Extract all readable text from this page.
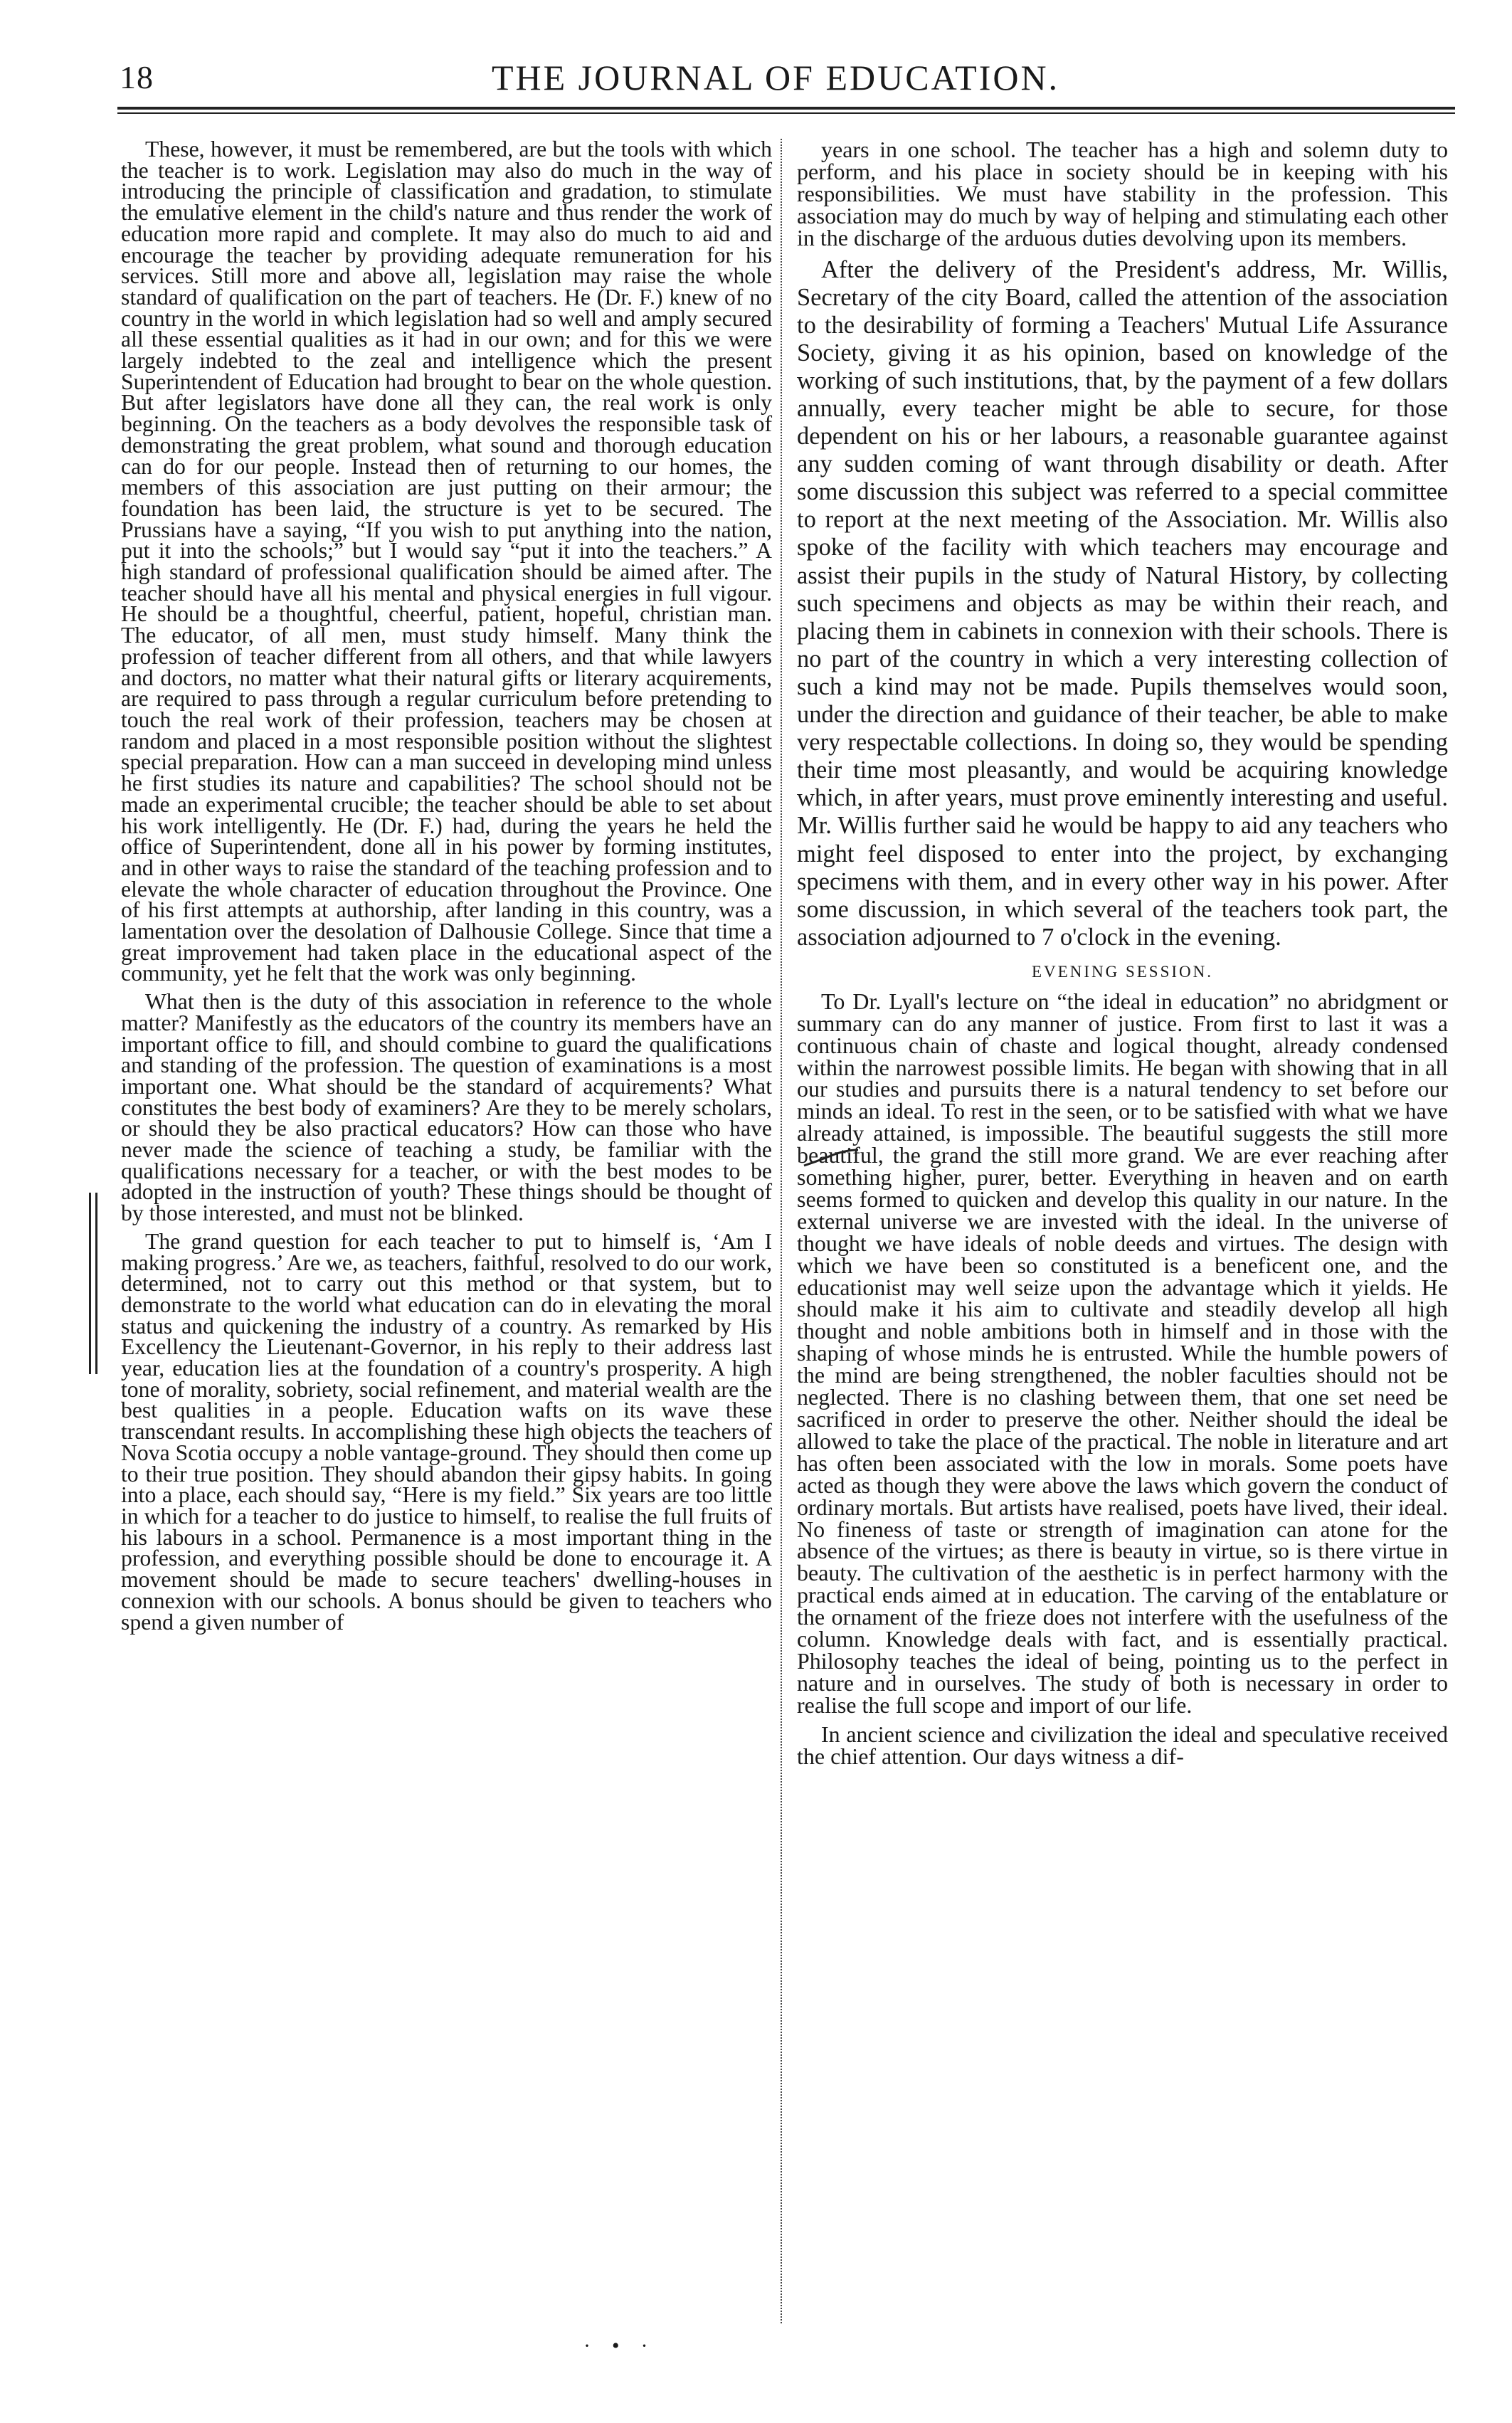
18	THE JOURNAL OF EDUCATION.

These, however, it must be remembered, are but the tools with which the teacher is to work. Legislation may also do much in the way of introducing the principle of classification and gradation, to stimulate the emulative element in the child's nature and thus render the work of education more rapid and complete. It may also do much to aid and encourage the teacher by providing adequate remuneration for his services. Still more and above all, legislation may raise the whole standard of qualification on the part of teachers. He (Dr. F.) knew of no country in the world in which legislation had so well and amply secured all these essential qualities as it had in our own; and for this we were largely indebted to the zeal and intelligence which the present Superintendent of Education had brought to bear on the whole question. But after legislators have done all they can, the real work is only beginning. On the teachers as a body devolves the responsible task of demonstrating the great problem, what sound and thorough education can do for our people. Instead then of returning to our homes, the members of this association are just putting on their armour; the foundation has been laid, the structure is yet to be secured. The Prussians have a saying, “If you wish to put anything into the nation, put it into the schools;” but I would say “put it into the teachers.” A high standard of professional qualification should be aimed after. The teacher should have all his mental and physical energies in full vigour. He should be a thoughtful, cheerful, patient, hopeful, christian man. The educator, of all men, must study himself. Many think the profession of teacher different from all others, and that while lawyers and doctors, no matter what their natural gifts or literary acquirements, are required to pass through a regular curriculum before pretending to touch the real work of their profession, teachers may be chosen at random and placed in a most responsible position without the slightest special preparation. How can a man succeed in developing mind unless he first studies its nature and capabilities? The school should not be made an experimental crucible; the teacher should be able to set about his work intelligently. He (Dr. F.) had, during the years he held the office of Superintendent, done all in his power by forming institutes, and in other ways to raise the standard of the teaching profession and to elevate the whole character of education throughout the Province. One of his first attempts at authorship, after landing in this country, was a lamentation over the desolation of Dalhousie College. Since that time a great improvement had taken place in the educational aspect of the community, yet he felt that the work was only beginning.

What then is the duty of this association in reference to the whole matter? Manifestly as the educators of the country its members have an important office to fill, and should combine to guard the qualifications and standing of the profession. The question of examinations is a most important one. What should be the standard of acquirements? What constitutes the best body of examiners? Are they to be merely scholars, or should they be also practical educators? How can those who have never made the science of teaching a study, be familiar with the qualifications necessary for a teacher, or with the best modes to be adopted in the instruction of youth? These things should be thought of by those interested, and must not be blinked.

The grand question for each teacher to put to himself is, ‘Am I making progress.’ Are we, as teachers, faithful, resolved to do our work, determined, not to carry out this method or that system, but to demonstrate to the world what education can do in elevating the moral status and quickening the industry of a country. As remarked by His Excellency the Lieutenant-Governor, in his reply to their address last year, education lies at the foundation of a country's prosperity. A high tone of morality, sobriety, social refinement, and material wealth are the best qualities in a people. Education wafts on its wave these transcendant results. In accomplishing these high objects the teachers of Nova Scotia occupy a noble vantage-ground. They should then come up to their true position. They should abandon their gipsy habits. In going into a place, each should say, “Here is my field.” Six years are too little in which for a teacher to do justice to himself, to realise the full fruits of his labours in a school. Permanence is a most important thing in the profession, and everything possible should be done to encourage it. A movement should be made to secure teachers' dwelling-houses in connexion with our schools. A bonus should be given to teachers who spend a given number of

years in one school. The teacher has a high and solemn duty to perform, and his place in society should be in keeping with his responsibilities. We must have stability in the profession. This association may do much by way of helping and stimulating each other in the discharge of the arduous duties devolving upon its members.

After the delivery of the President's address, Mr. Willis, Secretary of the city Board, called the attention of the association to the desirability of forming a Teachers' Mutual Life Assurance Society, giving it as his opinion, based on knowledge of the working of such institutions, that, by the payment of a few dollars annually, every teacher might be able to secure, for those dependent on his or her labours, a reasonable guarantee against any sudden coming of want through disability or death. After some discussion this subject was referred to a special committee to report at the next meeting of the Association. Mr. Willis also spoke of the facility with which teachers may encourage and assist their pupils in the study of Natural History, by collecting such specimens and objects as may be within their reach, and placing them in cabinets in connexion with their schools. There is no part of the country in which a very interesting collection of such a kind may not be made. Pupils themselves would soon, under the direction and guidance of their teacher, be able to make very respectable collections. In doing so, they would be spending their time most pleasantly, and would be acquiring knowledge which, in after years, must prove eminently interesting and useful. Mr. Willis further said he would be happy to aid any teachers who might feel disposed to enter into the project, by exchanging specimens with them, and in every other way in his power. After some discussion, in which several of the teachers took part, the association adjourned to 7 o'clock in the evening.

EVENING SESSION.

To Dr. Lyall's lecture on “the ideal in education” no abridgment or summary can do any manner of justice. From first to last it was a continuous chain of chaste and logical thought, already condensed within the narrowest possible limits. He began with showing that in all our studies and pursuits there is a natural tendency to set before our minds an ideal. To rest in the seen, or to be satisfied with what we have already attained, is impossible. The beautiful suggests the still more beautiful, the grand the still more grand. We are ever reaching after something higher, purer, better. Everything in heaven and on earth seems formed to quicken and develop this quality in our nature. In the external universe we are invested with the ideal. In the universe of thought we have ideals of noble deeds and virtues. The design with which we have been so constituted is a beneficent one, and the educationist may well seize upon the advantage which it yields. He should make it his aim to cultivate and steadily develop all high thought and noble ambitions both in himself and in those with the shaping of whose minds he is entrusted. While the humble powers of the mind are being strengthened, the nobler faculties should not be neglected. There is no clashing between them, that one set need be sacrificed in order to preserve the other. Neither should the ideal be allowed to take the place of the practical. The noble in literature and art has often been associated with the low in morals. Some poets have acted as though they were above the laws which govern the conduct of ordinary mortals. But artists have realised, poets have lived, their ideal. No fineness of taste or strength of imagination can atone for the absence of the virtues; as there is beauty in virtue, so is there virtue in beauty. The cultivation of the aesthetic is in perfect harmony with the practical ends aimed at in education. The carving of the entablature or the ornament of the frieze does not interfere with the usefulness of the column. Knowledge deals with fact, and is essentially practical. Philosophy teaches the ideal of being, pointing us to the perfect in nature and in ourselves. The study of both is necessary in order to realise the full scope and import of our life.

In ancient science and civilization the ideal and speculative received the chief attention. Our days witness a dif-

·•·
